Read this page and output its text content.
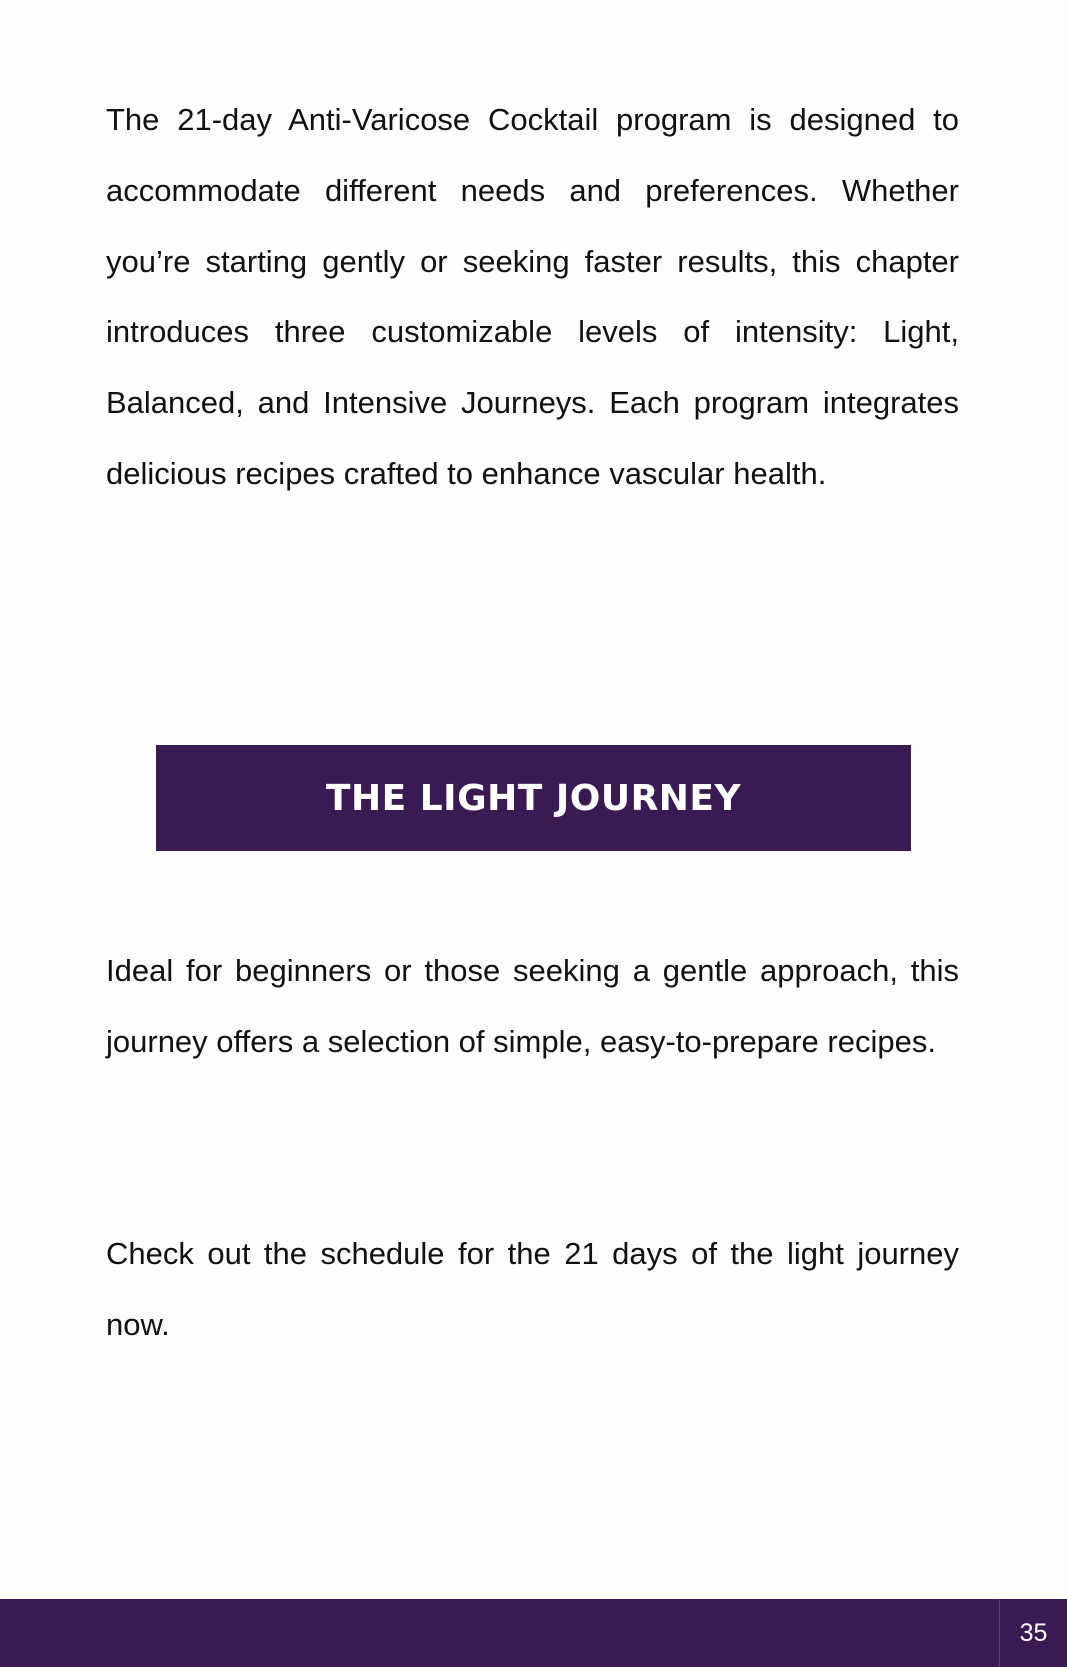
The 21-day Anti-Varicose Cocktail program is designed to accommodate different needs and preferences. Whether you’re starting gently or seeking faster results, this chapter introduces three customizable levels of intensity: Light, Balanced, and Intensive Journeys. Each program integrates delicious recipes crafted to enhance vascular health.

THE LIGHT JOURNEY

Ideal for beginners or those seeking a gentle approach, this journey offers a selection of simple, easy-to-prepare recipes.

Check out the schedule for the 21 days of the light journey now.

35
